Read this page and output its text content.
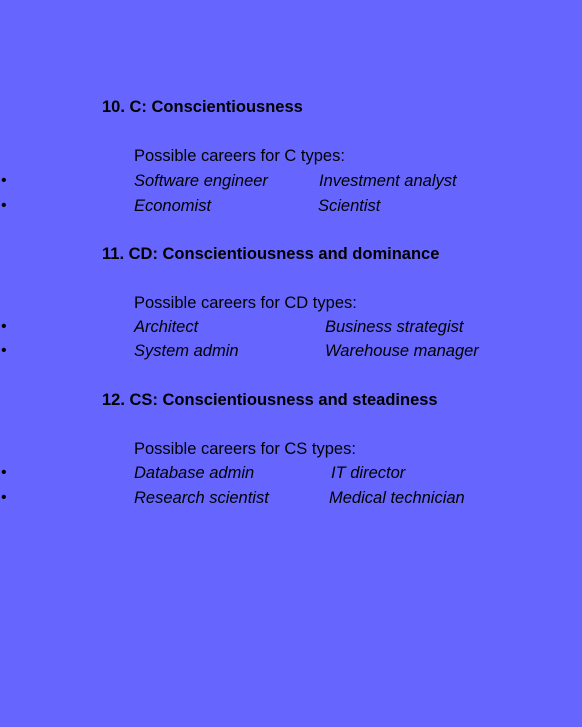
10. C: Conscientiousness
Possible careers for C types:
•	Software engineer	Investment analyst
•	Economist	Scientist
11. CD: Conscientiousness and dominance
Possible careers for CD types:
•	Architect	Business strategist
•	System admin	Warehouse manager
12. CS: Conscientiousness and steadiness
Possible careers for CS types:
•	Database admin	IT director
•	Research scientist	Medical technician
